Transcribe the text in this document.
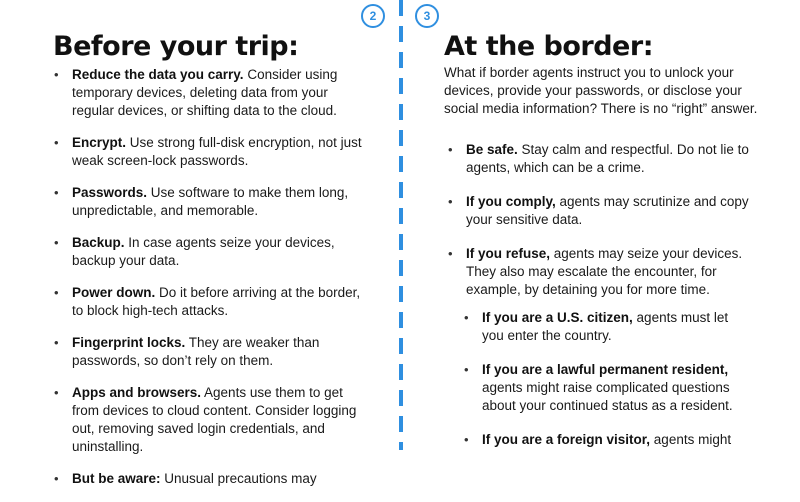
2	3
Before your trip:
• Reduce the data you carry. Consider using temporary devices, deleting data from your regular devices, or shifting data to the cloud.
• Encrypt. Use strong full-disk encryption, not just weak screen-lock passwords.
• Passwords. Use software to make them long, unpredictable, and memorable.
• Backup. In case agents seize your devices, backup your data.
• Power down. Do it before arriving at the border, to block high-tech attacks.
• Fingerprint locks. They are weaker than passwords, so don’t rely on them.
• Apps and browsers. Agents use them to get from devices to cloud content. Consider logging out, removing saved login credentials, and uninstalling.
• But be aware: Unusual precautions may
At the border:

What if border agents instruct you to unlock your devices, provide your passwords, or disclose your social media information? There is no “right” answer.

• Be safe. Stay calm and respectful. Do not lie to agents, which can be a crime.
• If you comply, agents may scrutinize and copy your sensitive data.
• If you refuse, agents may seize your devices. They also may escalate the encounter, for example, by detaining you for more time.
• If you are a U.S. citizen, agents must let you enter the country.
• If you are a lawful permanent resident, agents might raise complicated questions about your continued status as a resident.
• If you are a foreign visitor, agents might
